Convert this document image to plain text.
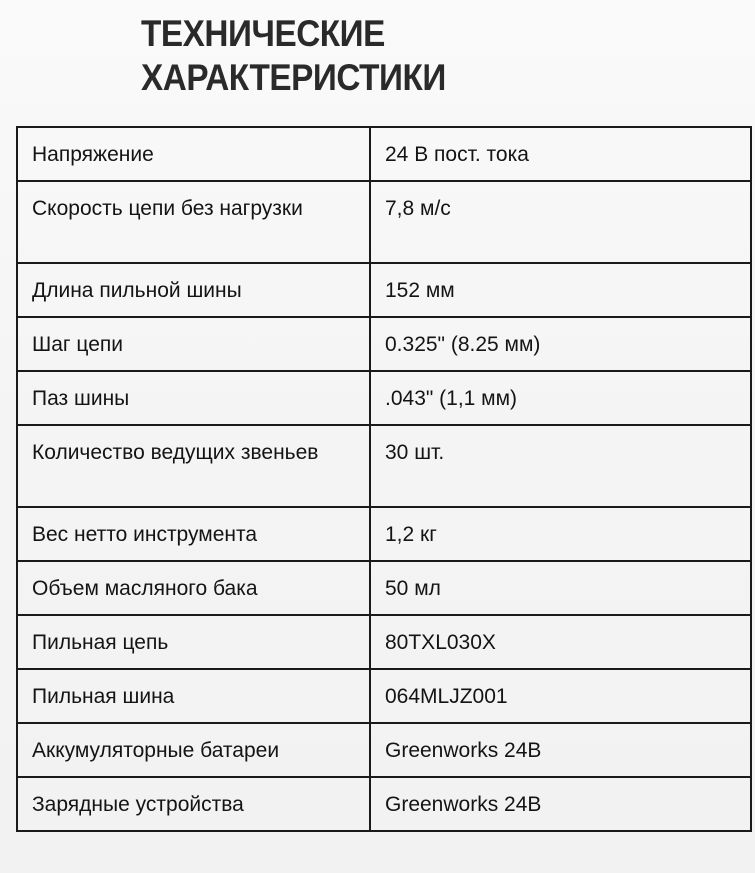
ТЕХНИЧЕСКИЕ
ХАРАКТЕРИСТИКИ
Напряжение	24 В пост. тока
Скорость цепи без нагрузки	7,8 м/с
Длина пильной шины	152 мм
Шаг цепи	0.325" (8.25 мм)
Паз шины	.043" (1,1 мм)
Количество ведущих звеньев	30 шт.
Вес нетто инструмента	1,2 кг
Объем масляного бака	50 мл
Пильная цепь	80TXL030X
Пильная шина	064MLJZ001
Аккумуляторные батареи	Greenworks 24В
Зарядные устройства	Greenworks 24В
